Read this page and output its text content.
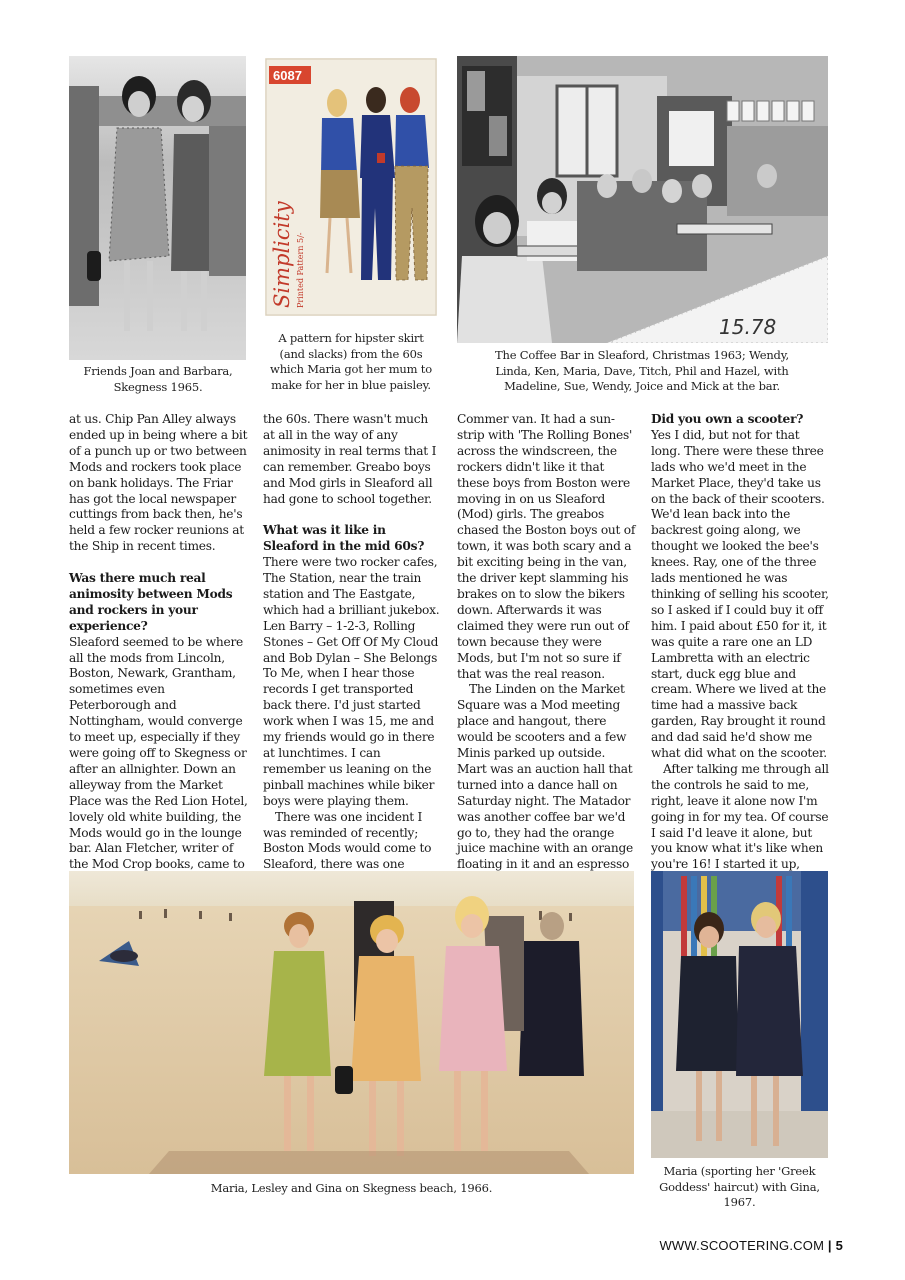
Friends Joan and Barbara, Skegness 1965.
6087
Simplicity Printed Pattern 5/-
A pattern for hipster skirt (and slacks) from the 60s which Maria got her mum to make for her in blue paisley.
15.78
The Coffee Bar in Sleaford, Christmas 1963; Wendy, Linda, Ken, Maria, Dave, Titch, Phil and Hazel, with Madeline, Sue, Wendy, Joice and Mick at the bar.

at us. Chip Pan Alley always ended up in being where a bit of a punch up or two between Mods and rockers took place on bank holidays. The Friar has got the local newspaper cuttings from back then, he's held a few rocker reunions at the Ship in recent times.

Was there much real animosity between Mods and rockers in your experience?

Sleaford seemed to be where all the mods from Lincoln, Boston, Newark, Grantham, sometimes even Peterborough and Nottingham, would converge to meet up, especially if they were going off to Skegness or after an allnighter. Down an alleyway from the Market Place was the Red Lion Hotel, lovely old white building, the Mods would go in the lounge bar. Alan Fletcher, writer of the Mod Crop books, came to

the 60s. There wasn't much at all in the way of any animosity in real terms that I can remember. Greabo boys and Mod girls in Sleaford all had gone to school together.

What was it like in Sleaford in the mid 60s?

There were two rocker cafes, The Station, near the train station and The Eastgate, which had a brilliant jukebox. Len Barry – 1-2-3, Rolling Stones – Get Off Of My Cloud and Bob Dylan – She Belongs To Me, when I hear those records I get transported back there. I'd just started work when I was 15, me and my friends would go in there at lunchtimes. I can remember us leaning on the pinball machines while biker boys were playing them.

There was one incident I was reminded of recently; Boston Mods would come to Sleaford, there was one

Commer van. It had a sun-strip with 'The Rolling Bones' across the windscreen, the rockers didn't like it that these boys from Boston were moving in on us Sleaford (Mod) girls. The greabos chased the Boston boys out of town, it was both scary and a bit exciting being in the van, the driver kept slamming his brakes on to slow the bikers down. Afterwards it was claimed they were run out of town because they were Mods, but I'm not so sure if that was the real reason.

The Linden on the Market Square was a Mod meeting place and hangout, there would be scooters and a few Minis parked up outside. Mart was an auction hall that turned into a dance hall on Saturday night. The Matador was another coffee bar we'd go to, they had the orange juice machine with an orange floating in it and an espresso

Did you own a scooter?

Yes I did, but not for that long. There were these three lads who we'd meet in the Market Place, they'd take us on the back of their scooters. We'd lean back into the backrest going along, we thought we looked the bee's knees. Ray, one of the three lads mentioned he was thinking of selling his scooter, so I asked if I could buy it off him. I paid about £50 for it, it was quite a rare one an LD Lambretta with an electric start, duck egg blue and cream. Where we lived at the time had a massive back garden, Ray brought it round and dad said he'd show me what did what on the scooter.

After talking me through all the controls he said to me, right, leave it alone now I'm going in for my tea. Of course I said I'd leave it alone, but you know what it's like when you're 16! I started it up,

Maria, Lesley and Gina on Skegness beach, 1966.
Maria (sporting her 'Greek Goddess' haircut) with Gina, 1967.
WWW.SCOOTERING.COM | 5
